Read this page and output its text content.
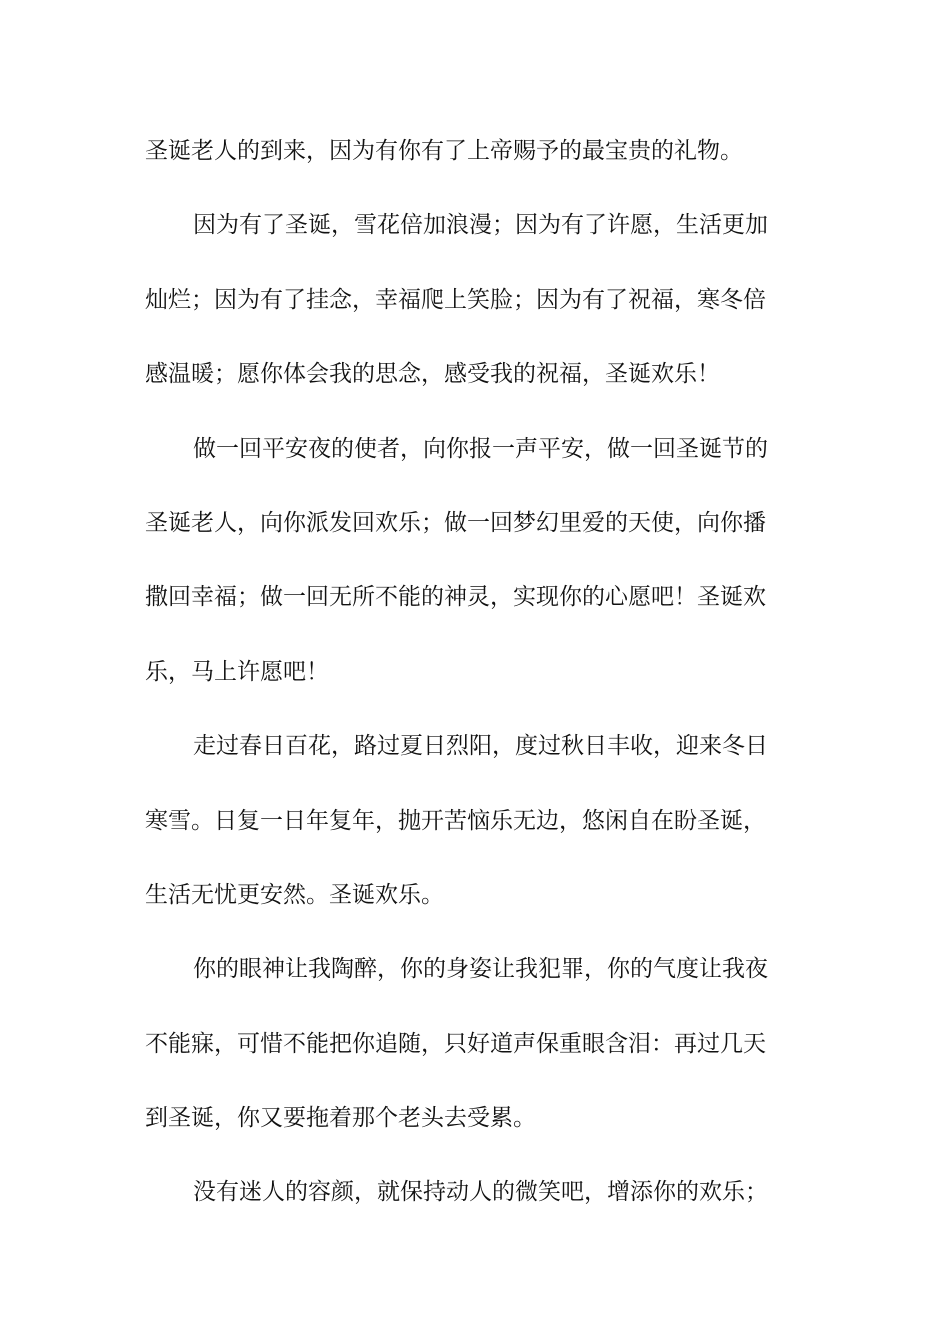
圣诞老人的到来，因为有你有了上帝赐予的最宝贵的礼物。
因为有了圣诞，雪花倍加浪漫；因为有了许愿，生活更加
灿烂；因为有了挂念，幸福爬上笑脸；因为有了祝福，寒冬倍
感温暖；愿你体会我的思念，感受我的祝福，圣诞欢乐！
做一回平安夜的使者，向你报一声平安，做一回圣诞节的
圣诞老人，向你派发回欢乐；做一回梦幻里爱的天使，向你播
撒回幸福；做一回无所不能的神灵，实现你的心愿吧！圣诞欢
乐，马上许愿吧！
走过春日百花，路过夏日烈阳，度过秋日丰收，迎来冬日
寒雪。日复一日年复年，抛开苦恼乐无边，悠闲自在盼圣诞，
生活无忧更安然。圣诞欢乐。
你的眼神让我陶醉，你的身姿让我犯罪，你的气度让我夜
不能寐，可惜不能把你追随，只好道声保重眼含泪：再过几天
到圣诞，你又要拖着那个老头去受累。
没有迷人的容颜，就保持动人的微笑吧，增添你的欢乐；
